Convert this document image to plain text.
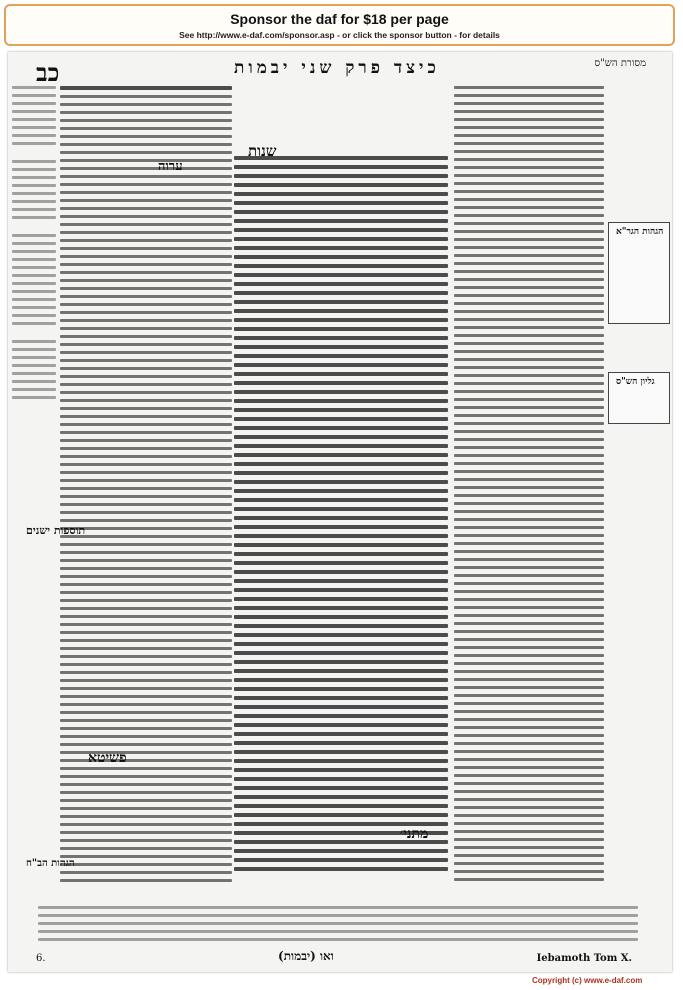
Sponsor the daf for $18 per page
See http://www.e-daf.com/sponsor.asp - or click the sponsor button - for details
כב	כיצד פרק שני יבמות	מסורת הש"ס
ערוה
תוספות ישנים
הגהות הב"ח
פשיטא
שנות
מתני׳
הגהות הגר"א
גליון הש"ס
6.	(יבמות) ואו	Iebamoth Tom X.
Copyright (c) www.e-daf.com
